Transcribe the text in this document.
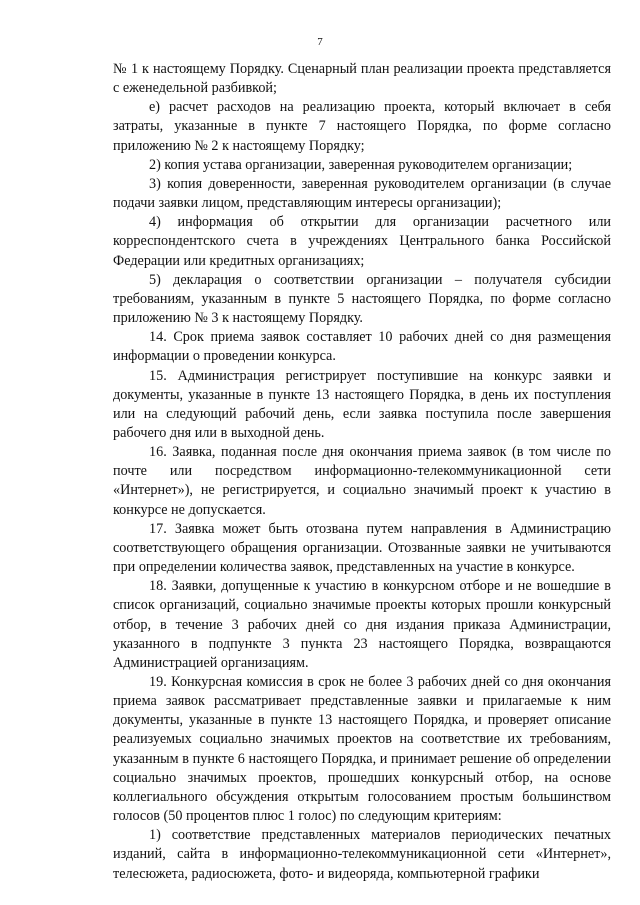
7

№ 1 к настоящему Порядку. Сценарный план реализации проекта представляется с еженедельной разбивкой;

е) расчет расходов на реализацию проекта, который включает в себя затраты, указанные в пункте 7 настоящего Порядка, по форме согласно приложению № 2 к настоящему Порядку;

2) копия устава организации, заверенная руководителем организации;

3) копия доверенности, заверенная руководителем организации (в случае подачи заявки лицом, представляющим интересы организации);

4) информация об открытии для организации расчетного или корреспондентского счета в учреждениях Центрального банка Российской Федерации или кредитных организациях;

5) декларация о соответствии организации – получателя субсидии требованиям, указанным в пункте 5 настоящего Порядка, по форме согласно приложению № 3 к настоящему Порядку.

14. Срок приема заявок составляет 10 рабочих дней со дня размещения информации о проведении конкурса.

15. Администрация регистрирует поступившие на конкурс заявки и документы, указанные в пункте 13 настоящего Порядка, в день их поступления или на следующий рабочий день, если заявка поступила после завершения рабочего дня или в выходной день.

16. Заявка, поданная после дня окончания приема заявок (в том числе по почте или посредством информационно-телекоммуникационной сети «Интернет»), не регистрируется, и социально значимый проект к участию в конкурсе не допускается.

17. Заявка может быть отозвана путем направления в Администрацию соответствующего обращения организации. Отозванные заявки не учитываются при определении количества заявок, представленных на участие в конкурсе.

18. Заявки, допущенные к участию в конкурсном отборе и не вошедшие в список организаций, социально значимые проекты которых прошли конкурсный отбор, в течение 3 рабочих дней со дня издания приказа Администрации, указанного в подпункте 3 пункта 23 настоящего Порядка, возвращаются Администрацией организациям.

19. Конкурсная комиссия в срок не более 3 рабочих дней со дня окончания приема заявок рассматривает представленные заявки и прилагаемые к ним документы, указанные в пункте 13 настоящего Порядка, и проверяет описание реализуемых социально значимых проектов на соответствие их требованиям, указанным в пункте 6 настоящего Порядка, и принимает решение об определении социально значимых проектов, прошедших конкурсный отбор, на основе коллегиального обсуждения открытым голосованием простым большинством голосов (50 процентов плюс 1 голос) по следующим критериям:

1) соответствие представленных материалов периодических печатных изданий, сайта в информационно-телекоммуникационной сети «Интернет», телесюжета, радиосюжета, фото- и видеоряда, компьютерной графики
